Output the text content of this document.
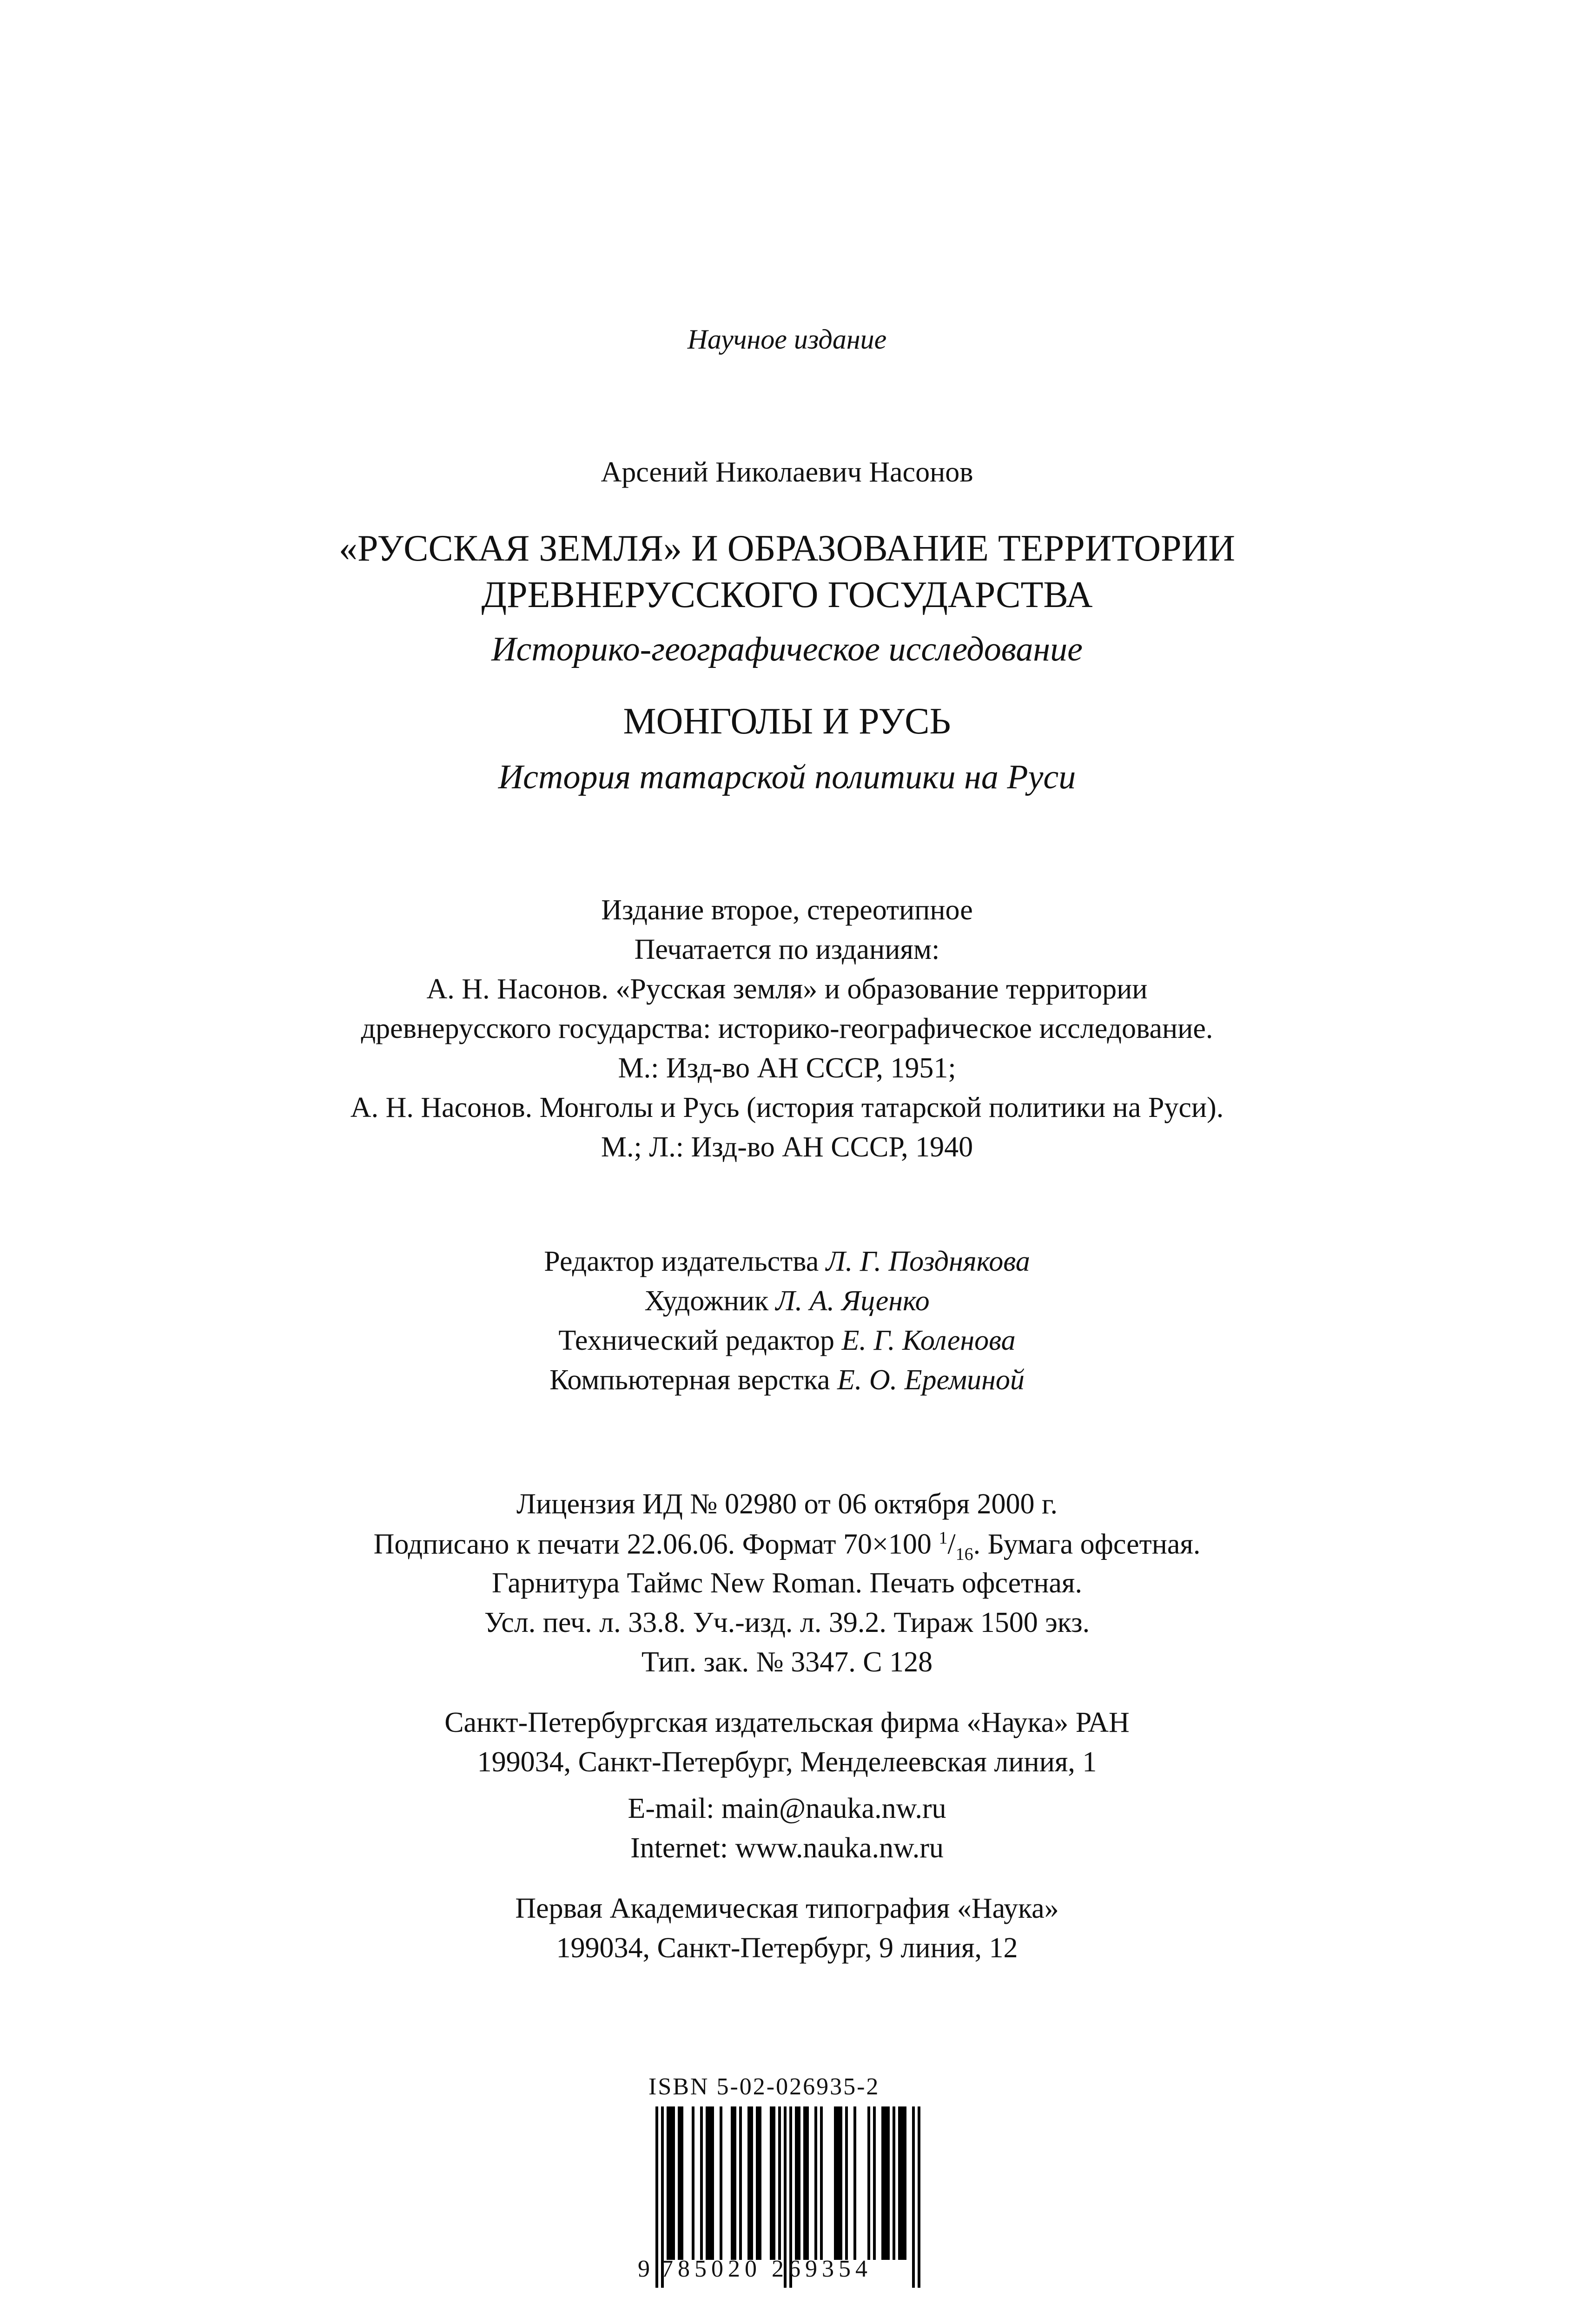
Научное издание
Арсений Николаевич Насонов
«РУССКАЯ ЗЕМЛЯ» И ОБРАЗОВАНИЕ ТЕРРИТОРИИ
ДРЕВНЕРУССКОГО ГОСУДАРСТВА
Историко-географическое исследование
МОНГОЛЫ И РУСЬ
История татарской политики на Руси
Издание второе, стереотипное
Печатается по изданиям:
А. Н. Насонов. «Русская земля» и образование территории
древнерусского государства: историко-географическое исследование.
М.: Изд-во АН СССР, 1951;
А. Н. Насонов. Монголы и Русь (история татарской политики на Руси).
М.; Л.: Изд-во АН СССР, 1940
Редактор издательства Л. Г. Позднякова
Художник Л. А. Яценко
Технический редактор Е. Г. Коленова
Компьютерная верстка Е. О. Ереминой
Лицензия ИД № 02980 от 06 октября 2000 г.
Подписано к печати 22.06.06. Формат 70×100 $^1/_{16}$. Бумага офсетная.
Гарнитура Таймс New Roman. Печать офсетная.
Усл. печ. л. 33.8. Уч.-изд. л. 39.2. Тираж 1500 экз.
Тип. зак. № 3347. С 128
Санкт-Петербургская издательская фирма «Наука» РАН
199034, Санкт-Петербург, Менделеевская линия, 1
E-mail: main@nauka.nw.ru
Internet: www.nauka.nw.ru
Первая Академическая типография «Наука»
199034, Санкт-Петербург, 9 линия, 12
ISBN 5-02-026935-2
9 785020 269354
